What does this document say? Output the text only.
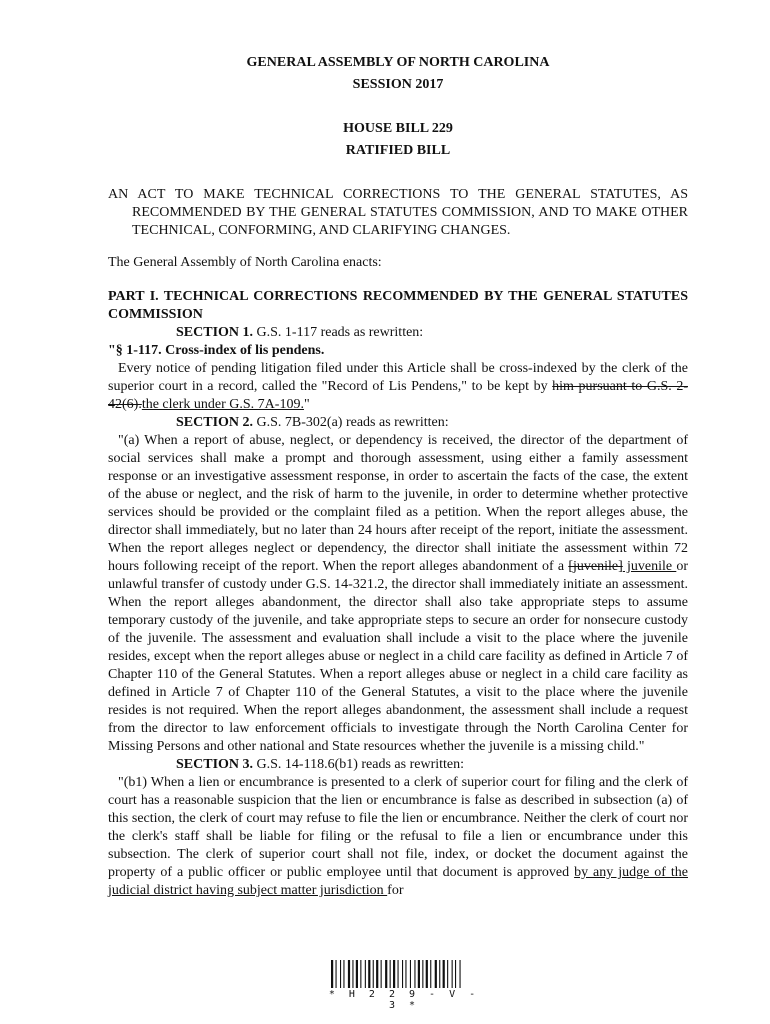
GENERAL ASSEMBLY OF NORTH CAROLINA
SESSION 2017
HOUSE BILL 229
RATIFIED BILL
AN ACT TO MAKE TECHNICAL CORRECTIONS TO THE GENERAL STATUTES, AS RECOMMENDED BY THE GENERAL STATUTES COMMISSION, AND TO MAKE OTHER TECHNICAL, CONFORMING, AND CLARIFYING CHANGES.
The General Assembly of North Carolina enacts:
PART I. TECHNICAL CORRECTIONS RECOMMENDED BY THE GENERAL STATUTES COMMISSION
SECTION 1. G.S. 1-117 reads as rewritten:
"§ 1-117. Cross-index of lis pendens.
Every notice of pending litigation filed under this Article shall be cross-indexed by the clerk of the superior court in a record, called the "Record of Lis Pendens," to be kept by him pursuant to G.S. 2-42(6).the clerk under G.S. 7A-109."
SECTION 2. G.S. 7B-302(a) reads as rewritten:
"(a) When a report of abuse, neglect, or dependency is received, the director of the department of social services shall make a prompt and thorough assessment, using either a family assessment response or an investigative assessment response, in order to ascertain the facts of the case, the extent of the abuse or neglect, and the risk of harm to the juvenile, in order to determine whether protective services should be provided or the complaint filed as a petition. When the report alleges abuse, the director shall immediately, but no later than 24 hours after receipt of the report, initiate the assessment. When the report alleges neglect or dependency, the director shall initiate the assessment within 72 hours following receipt of the report. When the report alleges abandonment of a [juvenile] juvenile or unlawful transfer of custody under G.S. 14-321.2, the director shall immediately initiate an assessment. When the report alleges abandonment, the director shall also take appropriate steps to assume temporary custody of the juvenile, and take appropriate steps to secure an order for nonsecure custody of the juvenile. The assessment and evaluation shall include a visit to the place where the juvenile resides, except when the report alleges abuse or neglect in a child care facility as defined in Article 7 of Chapter 110 of the General Statutes. When a report alleges abuse or neglect in a child care facility as defined in Article 7 of Chapter 110 of the General Statutes, a visit to the place where the juvenile resides is not required. When the report alleges abandonment, the assessment shall include a request from the director to law enforcement officials to investigate through the North Carolina Center for Missing Persons and other national and State resources whether the juvenile is a missing child."
SECTION 3. G.S. 14-118.6(b1) reads as rewritten:
"(b1) When a lien or encumbrance is presented to a clerk of superior court for filing and the clerk of court has a reasonable suspicion that the lien or encumbrance is false as described in subsection (a) of this section, the clerk of court may refuse to file the lien or encumbrance. Neither the clerk of court nor the clerk's staff shall be liable for filing or the refusal to file a lien or encumbrance under this subsection. The clerk of superior court shall not file, index, or docket the document against the property of a public officer or public employee until that document is approved by any judge of the judicial district having subject matter jurisdiction for
* H 2 2 9 - V - 3 *
